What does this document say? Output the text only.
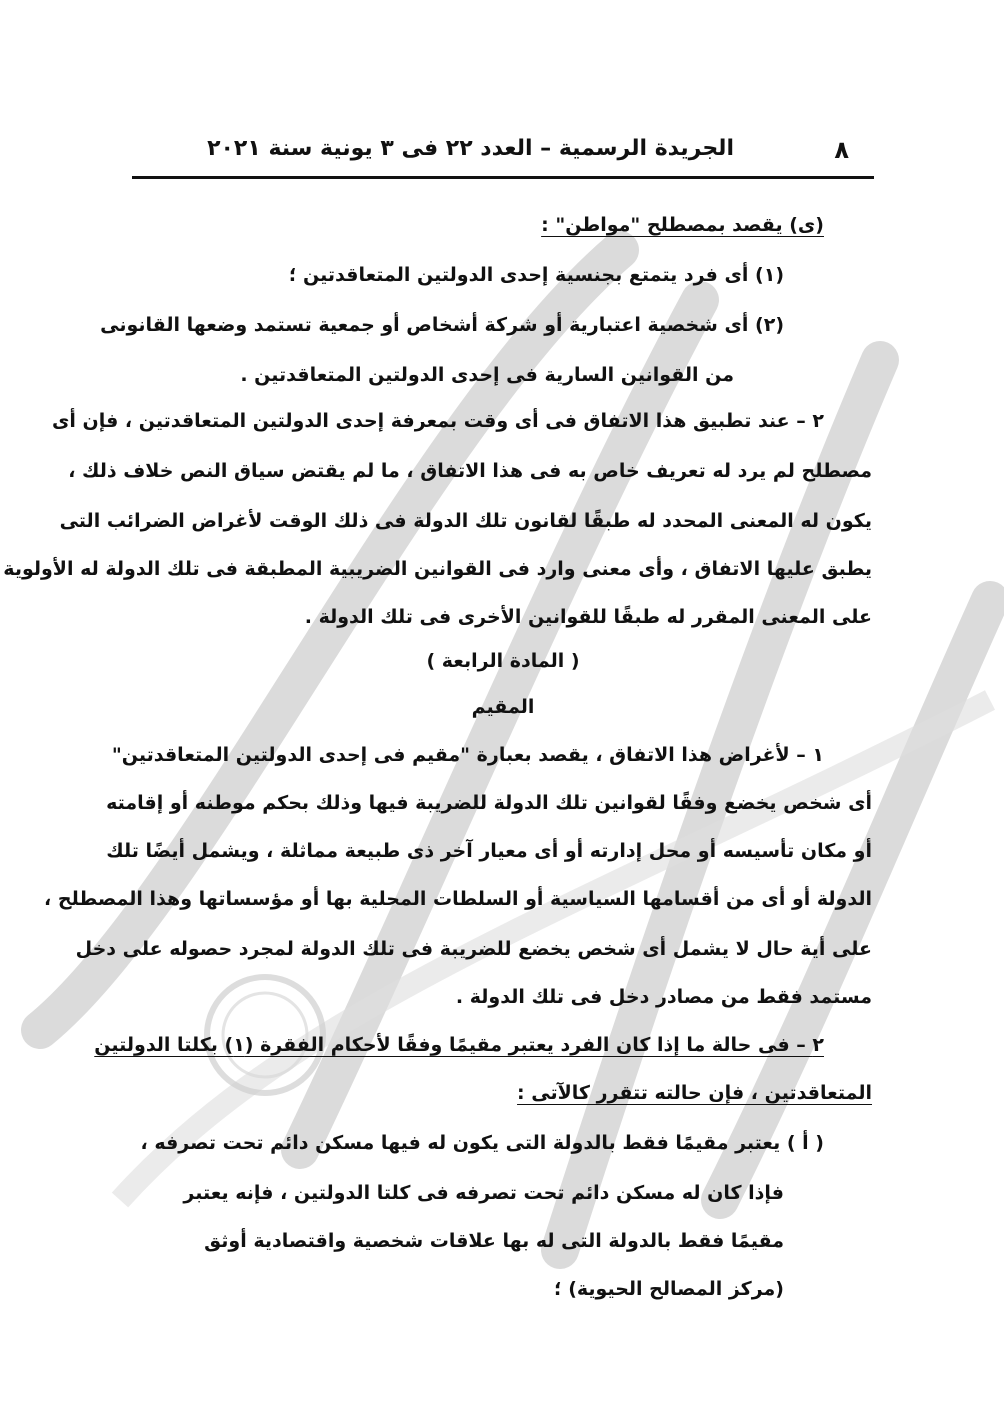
٨
الجريدة الرسمية – العدد ٢٢ فى ٣ يونية سنة ٢٠٢١
(ى) يقصد بمصطلح "مواطن" :
(١) أى فرد يتمتع بجنسية إحدى الدولتين المتعاقدتين ؛
(٢) أى شخصية اعتبارية أو شركة أشخاص أو جمعية تستمد وضعها القانونى
من القوانين السارية فى إحدى الدولتين المتعاقدتين .
٢ – عند تطبيق هذا الاتفاق فى أى وقت بمعرفة إحدى الدولتين المتعاقدتين ، فإن أى
مصطلح لم يرد له تعريف خاص به فى هذا الاتفاق ، ما لم يقتض سياق النص خلاف ذلك ،
يكون له المعنى المحدد له طبقًا لقانون تلك الدولة فى ذلك الوقت لأغراض الضرائب التى
يطبق عليها الاتفاق ، وأى معنى وارد فى القوانين الضريبية المطبقة فى تلك الدولة له الأولوية
على المعنى المقرر له طبقًا للقوانين الأخرى فى تلك الدولة .
( المادة الرابعة )
المقيم
١ – لأغراض هذا الاتفاق ، يقصد بعبارة "مقيم فى إحدى الدولتين المتعاقدتين"
أى شخص يخضع وفقًا لقوانين تلك الدولة للضريبة فيها وذلك بحكم موطنه أو إقامته
أو مكان تأسيسه أو محل إدارته أو أى معيار آخر ذى طبيعة مماثلة ، ويشمل أيضًا تلك
الدولة أو أى من أقسامها السياسية أو السلطات المحلية بها أو مؤسساتها وهذا المصطلح ،
على أية حال لا يشمل أى شخص يخضع للضريبة فى تلك الدولة لمجرد حصوله على دخل
مستمد فقط من مصادر دخل فى تلك الدولة .
٢ – فى حالة ما إذا كان الفرد يعتبر مقيمًا وفقًا لأحكام الفقرة (١) بكلتا الدولتين
المتعاقدتين ، فإن حالته تتقرر كالآتى :
( أ ) يعتبر مقيمًا فقط بالدولة التى يكون له فيها مسكن دائم تحت تصرفه ،
فإذا كان له مسكن دائم تحت تصرفه فى كلتا الدولتين ، فإنه يعتبر
مقيمًا فقط بالدولة التى له بها علاقات شخصية واقتصادية أوثق
(مركز المصالح الحيوية) ؛
